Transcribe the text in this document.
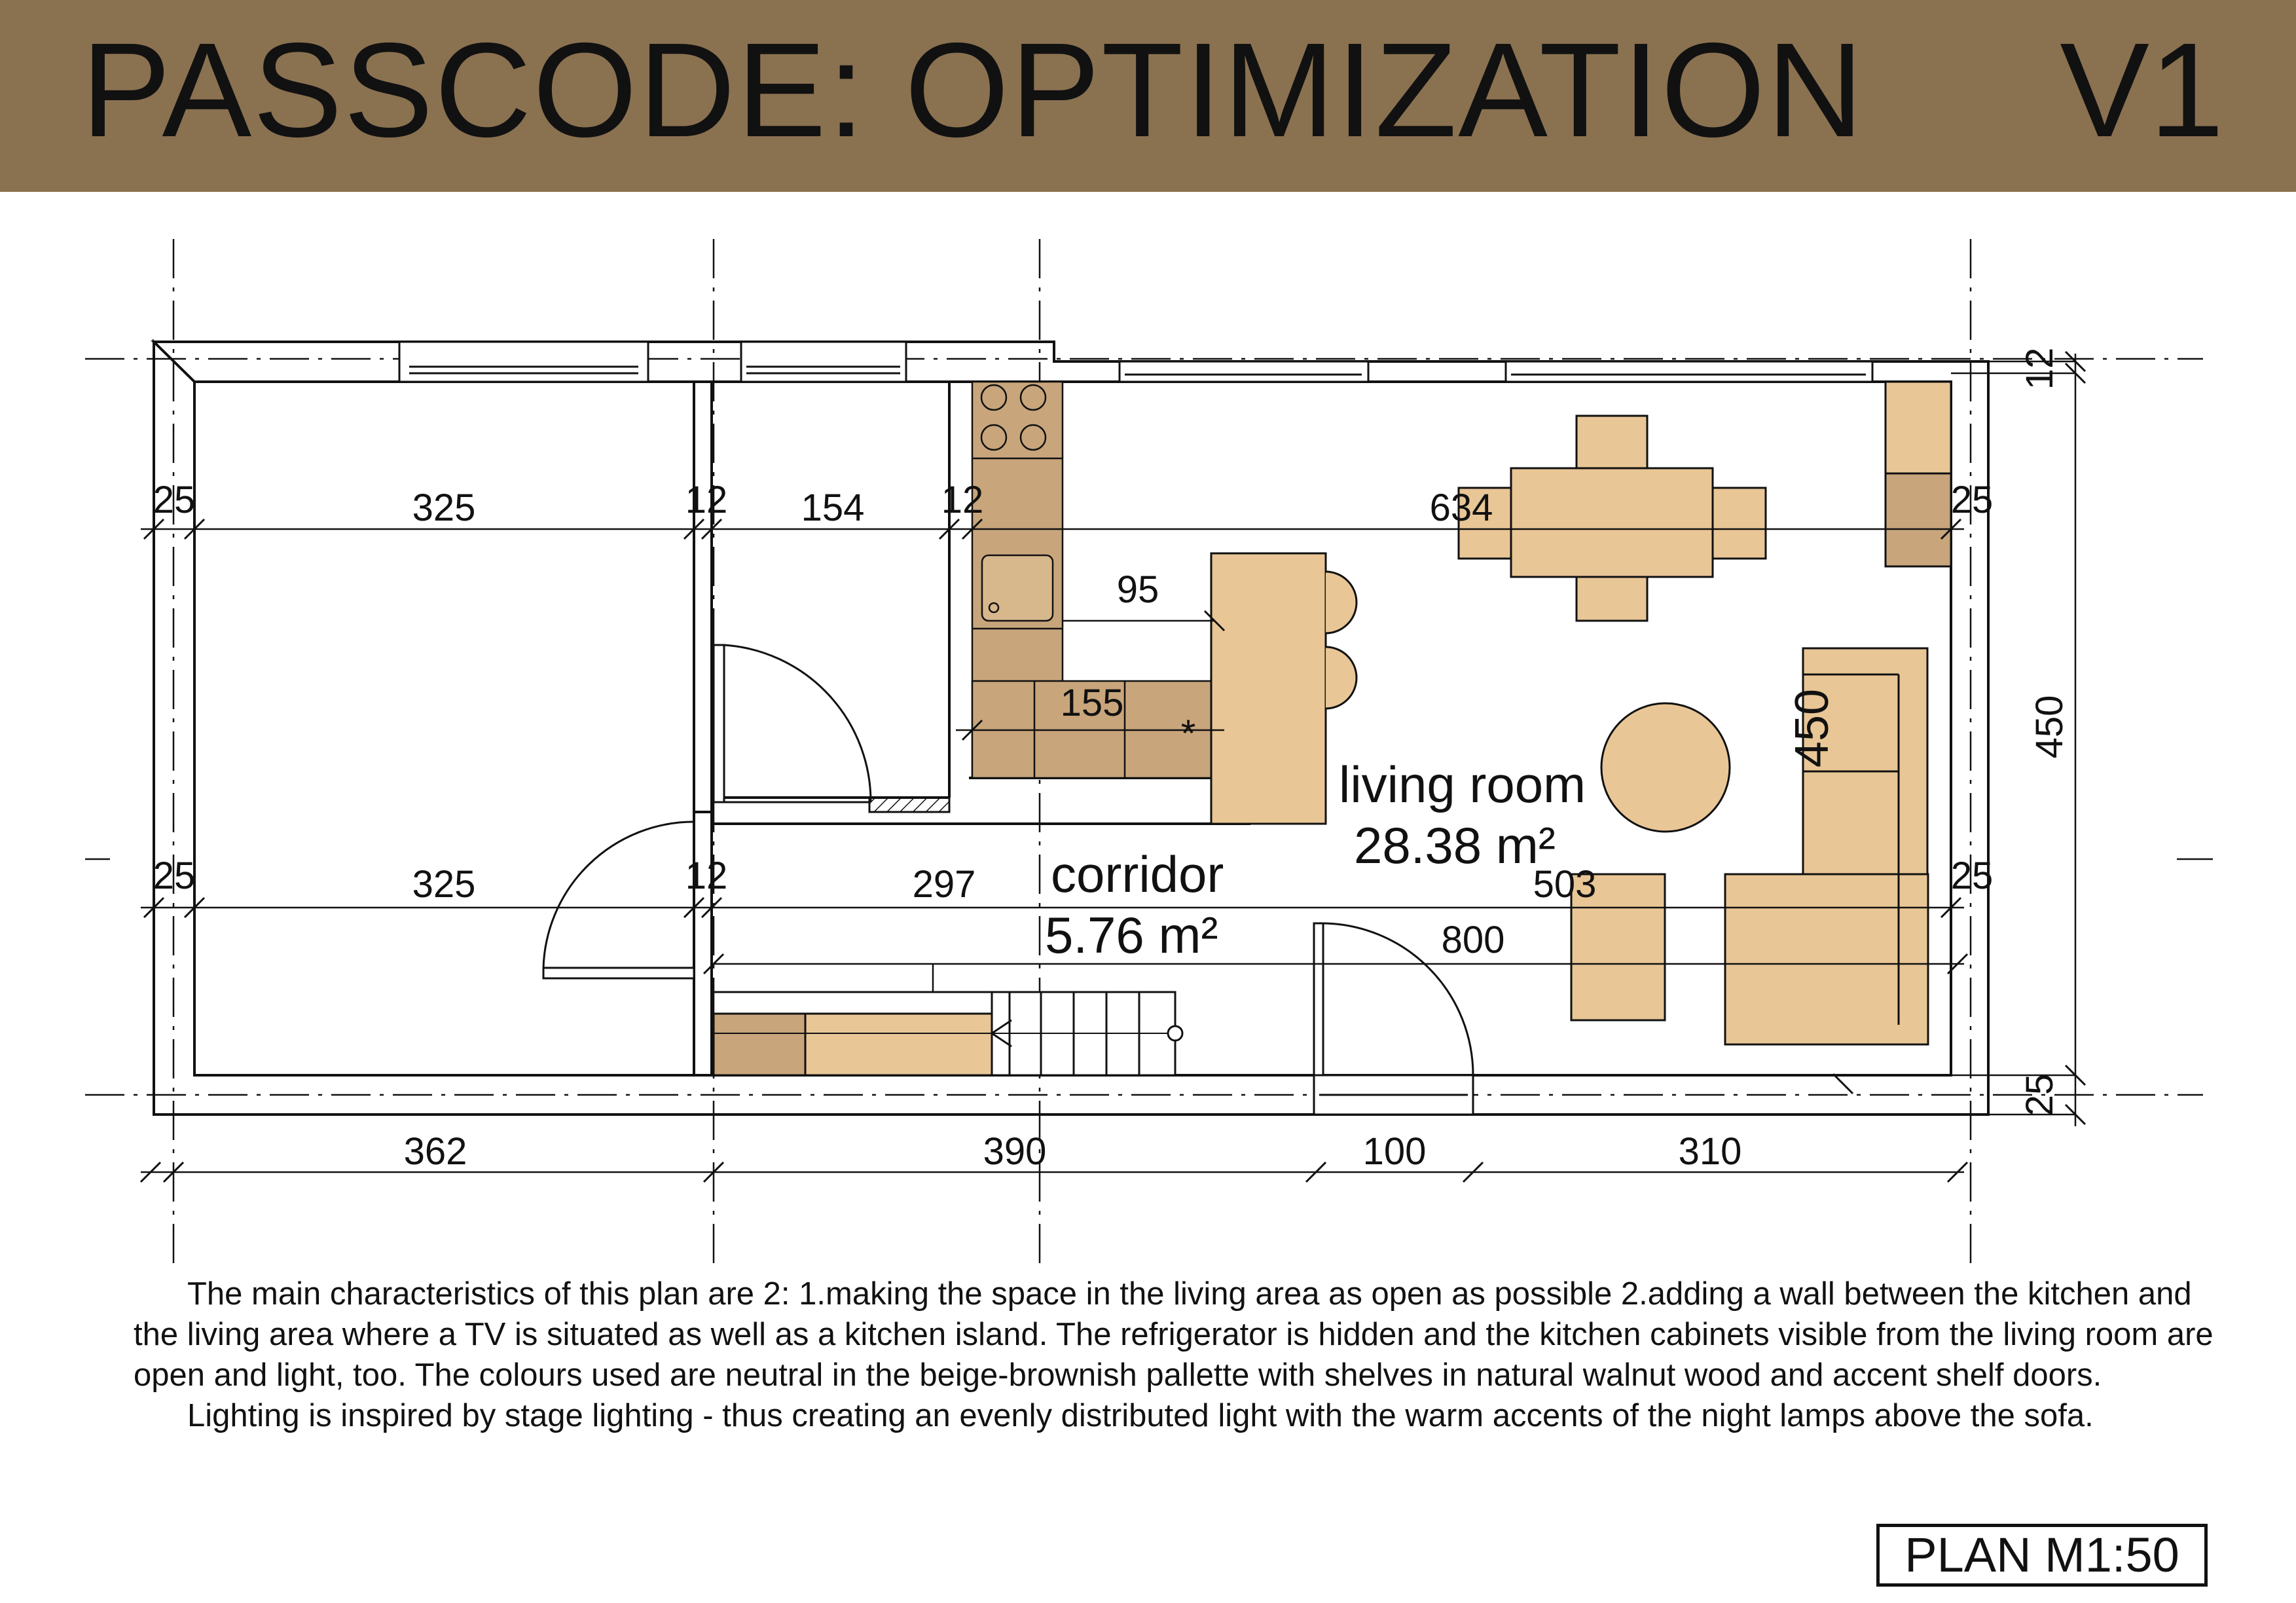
PASSCODE: OPTIMIZATION V1
25	325	12 154 12	634	25
25	325	12	297	503	25
95
155
800
*
362	390	100	310
12
450
25
450
living room
28.38 m²
corridor
5.76 m²

The main characteristics of this plan are 2: 1.making the space in the living area as open as possible 2.adding a wall between the kitchen and the living area where a TV is situated as well as a kitchen island. The refrigerator is hidden and the kitchen cabinets visible from the living room are open and light, too. The colours used are neutral in the beige-brownish pallette with shelves in natural walnut wood and accent shelf doors.

Lighting is inspired by stage lighting - thus creating an evenly distributed light with the warm accents of the night lamps above the sofa.

PLAN M1:50
